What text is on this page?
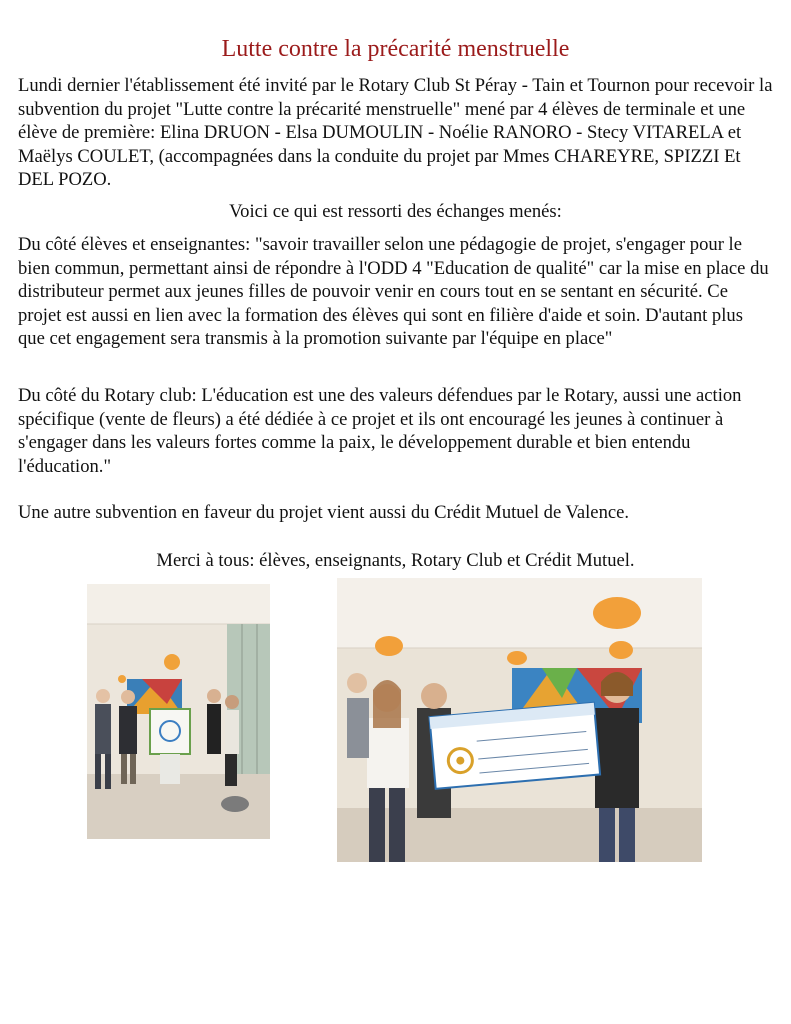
Lutte contre la précarité menstruelle

Lundi dernier l'établissement été invité par le Rotary Club St Péray - Tain et Tournon pour recevoir la subvention du projet "Lutte contre la précarité menstruelle" mené par 4 élèves de terminale et une élève de première: Elina DRUON - Elsa DUMOULIN - Noélie RANORO - Stecy VITARELA et Maëlys COULET, (accompagnées dans la conduite du projet par Mmes CHAREYRE, SPIZZI Et DEL POZO.

Voici ce qui est ressorti des échanges menés:

Du côté élèves et enseignantes: "savoir travailler selon une pédagogie de projet, s'engager pour le bien commun, permettant ainsi de répondre à l'ODD 4 "Education de qualité" car la mise en place du distributeur permet aux jeunes filles de pouvoir venir en cours tout en se sentant en sécurité. Ce projet est aussi en lien avec la formation des élèves qui sont en filière d'aide et soin. D'autant plus que cet engagement sera transmis à la promotion suivante par l'équipe en place"

Du côté du Rotary club: L'éducation est une des valeurs défendues par le Rotary, aussi une action spécifique (vente de fleurs) a été dédiée à ce projet et ils ont encouragé les jeunes à continuer à s'engager dans les valeurs fortes comme la paix, le développement durable et bien entendu l'éducation."

Une autre subvention en faveur du projet vient aussi du Crédit Mutuel de Valence.

Merci à tous: élèves, enseignants, Rotary Club et Crédit Mutuel.
